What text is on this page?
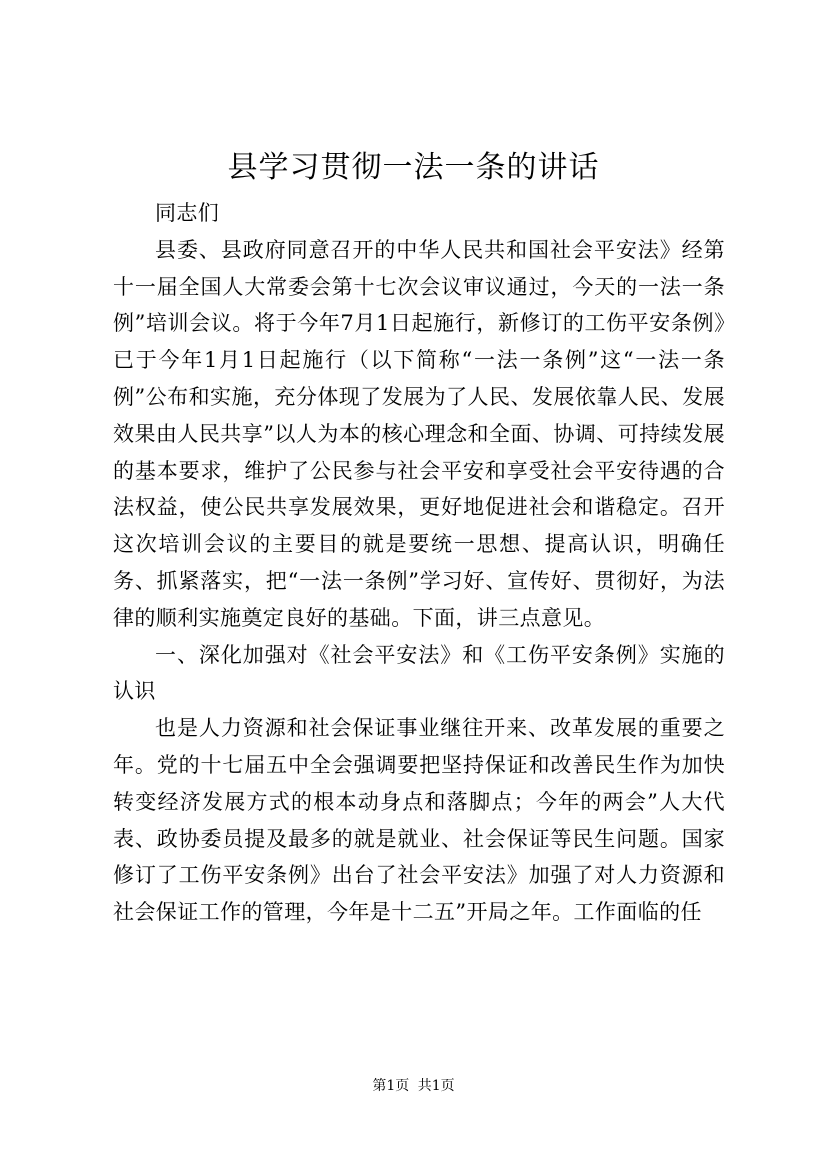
县学习贯彻一法一条的讲话

同志们

县委、县政府同意召开的中华人民共和国社会平安法》经第十一届全国人大常委会第十七次会议审议通过，今天的一法一条例”培训会议。将于今年7月1日起施行，新修订的工伤平安条例》已于今年1月1日起施行（以下简称“一法一条例”这“一法一条例”公布和实施，充分体现了发展为了人民、发展依靠人民、发展效果由人民共享”以人为本的核心理念和全面、协调、可持续发展的基本要求，维护了公民参与社会平安和享受社会平安待遇的合法权益，使公民共享发展效果，更好地促进社会和谐稳定。召开这次培训会议的主要目的就是要统一思想、提高认识，明确任务、抓紧落实，把“一法一条例”学习好、宣传好、贯彻好，为法律的顺利实施奠定良好的基础。下面，讲三点意见。

一、深化加强对《社会平安法》和《工伤平安条例》实施的认识

也是人力资源和社会保证事业继往开来、改革发展的重要之年。党的十七届五中全会强调要把坚持保证和改善民生作为加快转变经济发展方式的根本动身点和落脚点；今年的两会”人大代表、政协委员提及最多的就是就业、社会保证等民生问题。国家修订了工伤平安条例》出台了社会平安法》加强了对人力资源和社会保证工作的管理，今年是十二五”开局之年。工作面临的任

第1页 共1页
